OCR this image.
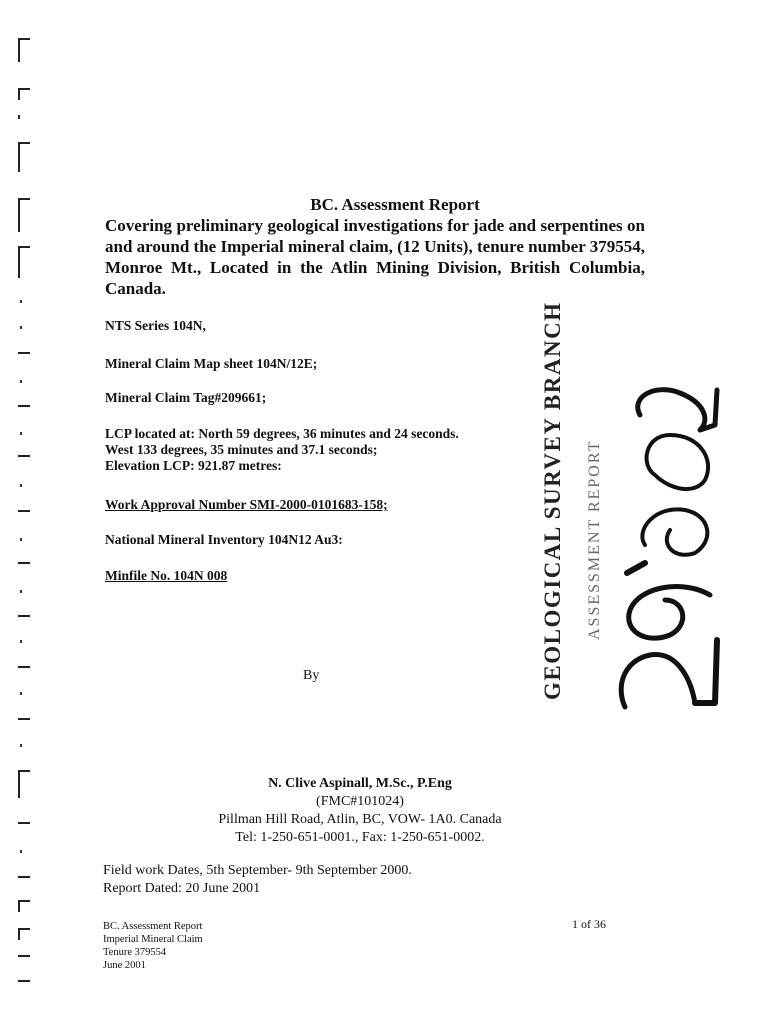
BC. Assessment Report
Covering preliminary geological investigations for jade and serpentines on and around the Imperial mineral claim, (12 Units), tenure number 379554, Monroe Mt., Located in the Atlin Mining Division, British Columbia, Canada.
NTS Series 104N,
Mineral Claim Map sheet 104N/12E;
Mineral Claim Tag#209661;
LCP located at: North 59 degrees, 36 minutes and 24 seconds.
West 133 degrees, 35 minutes and 37.1 seconds;
Elevation LCP: 921.87 metres:
Work Approval Number SMI-2000-0101683-158;
National Mineral Inventory 104N12 Au3:
Minfile No. 104N 008	GEOLOGICAL SURVEY BRANCH ASSESSMENT REPORT
By
N. Clive Aspinall, M.Sc., P.Eng
(FMC#101024)
Pillman Hill Road, Atlin, BC, VOW- 1A0. Canada
Tel: 1-250-651-0001., Fax: 1-250-651-0002.
Field work Dates, 5th September- 9th September 2000.
Report Dated: 20 June 2001
BC. Assessment Report
Imperial Mineral Claim
Tenure 379554
June 2001
1 of 36
